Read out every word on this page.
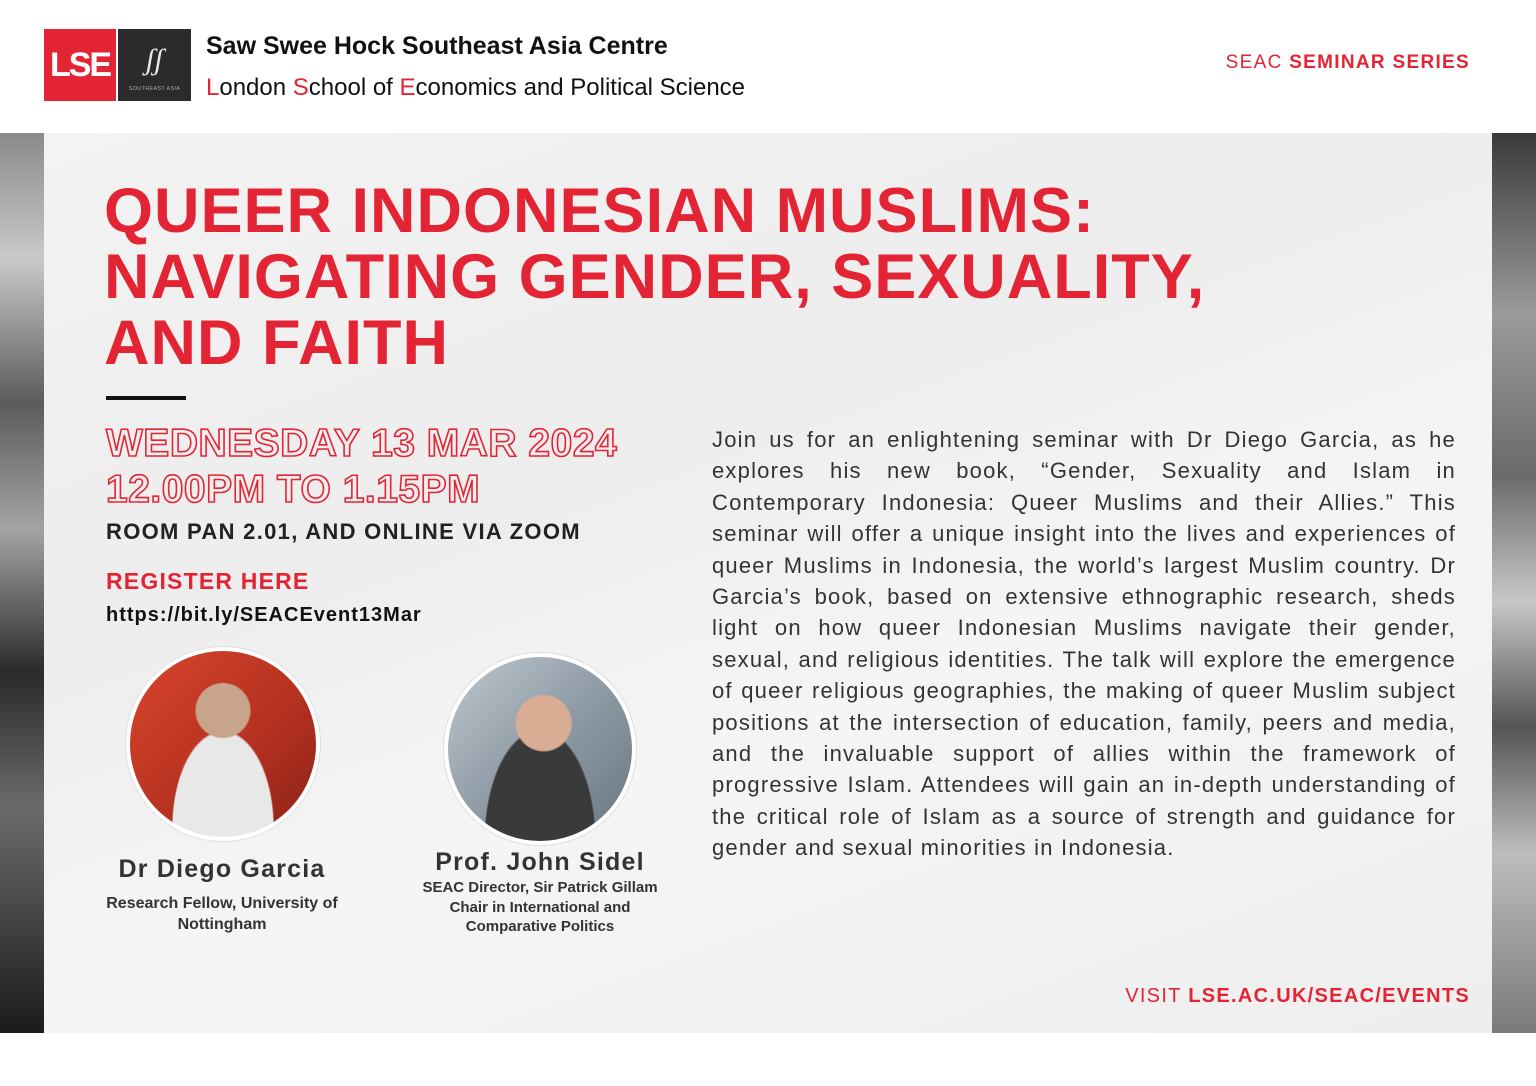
LSE	ʃʃ
SOUTHEAST ASIA
Saw Swee Hock Southeast Asia Centre
London School of Economics and Political Science
SEAC SEMINAR SERIES
QUEER INDONESIAN MUSLIMS:
NAVIGATING GENDER, SEXUALITY,
AND FAITH
WEDNESDAY 13 MAR 2024
12.00PM TO 1.15PM
ROOM PAN 2.01, AND ONLINE VIA ZOOM
REGISTER HERE
https://bit.ly/SEACEvent13Mar
Dr Diego Garcia
Research Fellow, University of Nottingham
Prof. John Sidel
SEAC Director, Sir Patrick Gillam Chair in International and Comparative Politics
Join us for an enlightening seminar with Dr Diego Garcia, as he explores his new book, “Gender, Sexuality and Islam in Contemporary Indonesia: Queer Muslims and their Allies.” This seminar will offer a unique insight into the lives and experiences of queer Muslims in Indonesia, the world’s largest Muslim country. Dr Garcia’s book, based on extensive ethnographic research, sheds light on how queer Indonesian Muslims navigate their gender, sexual, and religious identities. The talk will explore the emergence of queer religious geographies, the making of queer Muslim subject positions at the intersection of education, family, peers and media, and the invaluable support of allies within the framework of progressive Islam. Attendees will gain an in-depth understanding of the critical role of Islam as a source of strength and guidance for gender and sexual minorities in Indonesia.
VISIT LSE.AC.UK/SEAC/EVENTS
